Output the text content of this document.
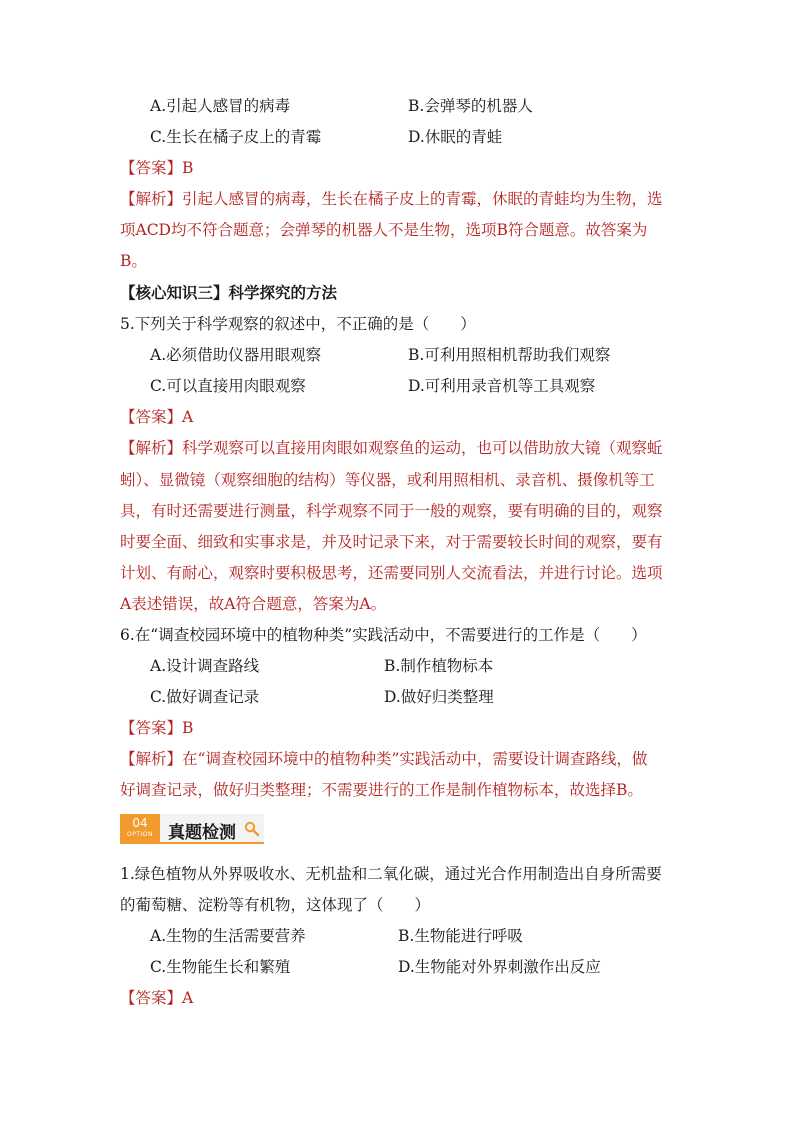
A.引起人感冒的病毒	B.会弹琴的机器人
C.生长在橘子皮上的青霉	D.休眠的青蛙
【答案】B
【解析】引起人感冒的病毒，生长在橘子皮上的青霉，休眠的青蛙均为生物，选
项ACD均不符合题意；会弹琴的机器人不是生物，选项B符合题意。故答案为
B。
【核心知识三】科学探究的方法
5.下列关于科学观察的叙述中，不正确的是（　　）
A.必须借助仪器用眼观察	B.可利用照相机帮助我们观察
C.可以直接用肉眼观察	D.可利用录音机等工具观察
【答案】A
【解析】科学观察可以直接用肉眼如观察鱼的运动，也可以借助放大镜（观察蚯
蚓）、显微镜（观察细胞的结构）等仪器，或利用照相机、录音机、摄像机等工
具，有时还需要进行测量，科学观察不同于一般的观察，要有明确的目的，观察
时要全面、细致和实事求是，并及时记录下来，对于需要较长时间的观察，要有
计划、有耐心，观察时要积极思考，还需要同别人交流看法，并进行讨论。选项
A表述错误，故A符合题意，答案为A。
6.在“调查校园环境中的植物种类”实践活动中，不需要进行的工作是（　　）
A.设计调查路线	B.制作植物标本
C.做好调查记录	D.做好归类整理
【答案】B
【解析】在“调查校园环境中的植物种类”实践活动中，需要设计调查路线，做
好调查记录，做好归类整理；不需要进行的工作是制作植物标本，故选择B。
04
OPTION 真题检测
1.绿色植物从外界吸收水、无机盐和二氧化碳，通过光合作用制造出自身所需要
的葡萄糖、淀粉等有机物，这体现了（　　）
A.生物的生活需要营养	B.生物能进行呼吸
C.生物能生长和繁殖	D.生物能对外界刺激作出反应
【答案】A
